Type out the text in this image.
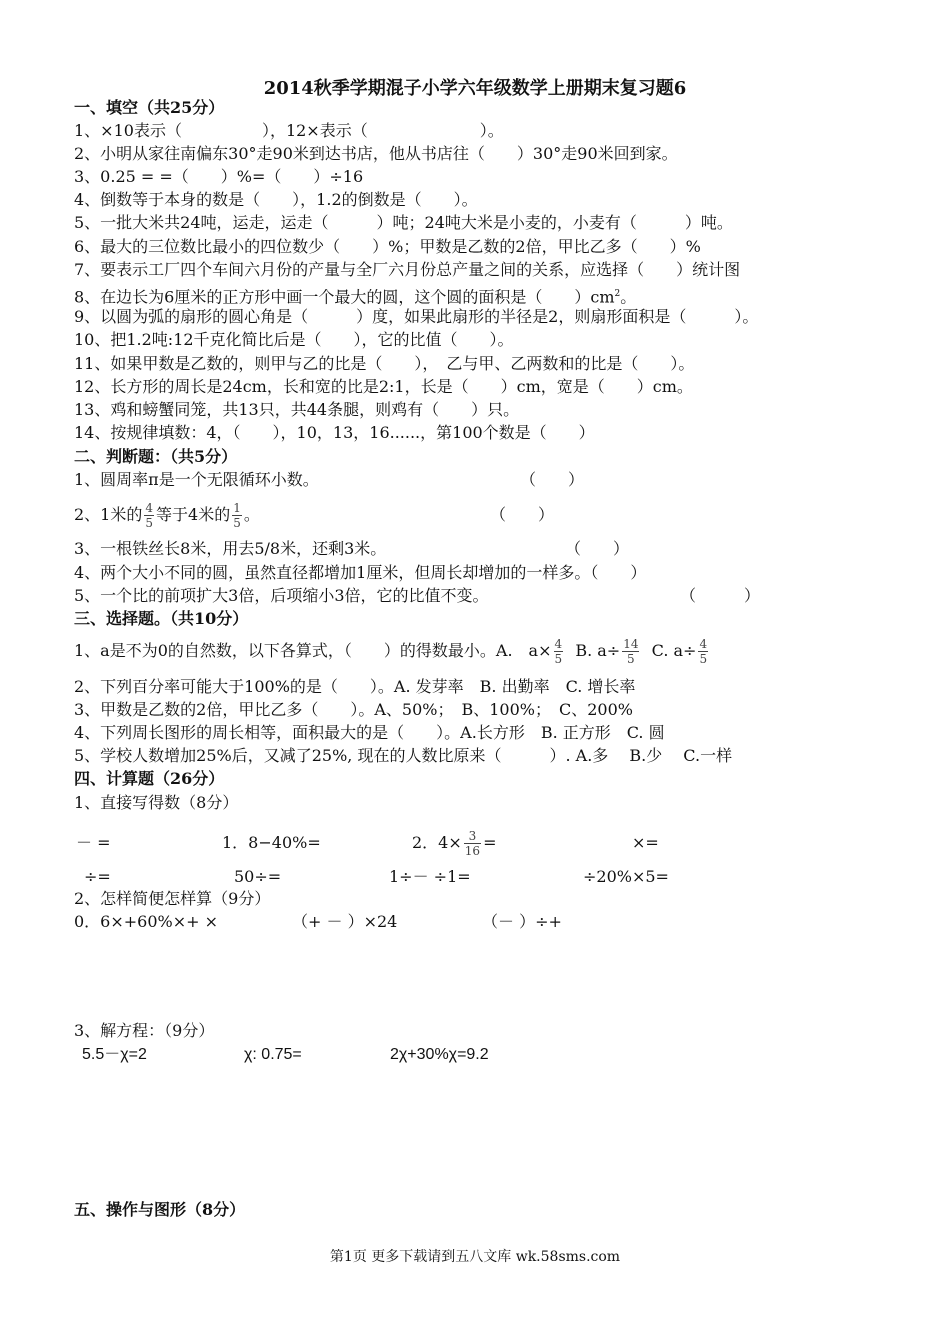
2014秋季学期混子小学六年级数学上册期末复习题6
一、填空（共25分）
1、×10表示（　　　　　），12×表示（　　　　　　　）。
2、小明从家往南偏东30°走90米到达书店，他从书店往（　　）30°走90米回到家。
3、0.25 = =（　　）%=（　　）÷16
4、倒数等于本身的数是（　　），1.2的倒数是（　　）。
5、一批大米共24吨，运走，运走（　　　）吨；24吨大米是小麦的，小麦有（　　　）吨。
6、最大的三位数比最小的四位数少（　　）%；甲数是乙数的2倍，甲比乙多（　　）%
7、要表示工厂四个车间六月份的产量与全厂六月份总产量之间的关系，应选择（　　）统计图
8、在边长为6厘米的正方形中画一个最大的圆，这个圆的面积是（　　）$cm^2$。
9、以圆为弧的扇形的圆心角是（　　　）度，如果此扇形的半径是2，则扇形面积是（　　　）。
10、把1.2吨:12千克化简比后是（　　），它的比值（　　）。
11、如果甲数是乙数的，则甲与乙的比是（　　），　乙与甲、乙两数和的比是（　　）。
12、长方形的周长是24cm，长和宽的比是2:1，长是（　　）cm，宽是（　　）cm。
13、鸡和螃蟹同笼，共13只，共44条腿，则鸡有（　　）只。
14、按规律填数：4，（　　），10，13，16......，第100个数是（　　）
二、判断题：（共5分）
1、圆周率π是一个无限循环小数。	（　　）
2、1米的 $\frac{4}{5}$ 等于4米的 $\frac{1}{5}$ 。	（　　）
3、一根铁丝长8米，用去5/8米，还剩3米。	（　　）
4、两个大小不同的圆，虽然直径都增加1厘米，但周长却增加的一样多。（　　）
5、一个比的前项扩大3倍，后项缩小3倍，它的比值不变。	（　　　）
三、选择题。（共10分）
1、a是不为0的自然数，以下各算式，（　　）的得数最小。A.　$a\times \frac{4}{5} B$. $a\div \frac{14}{5} C$. $a\div \frac{4}{5}$
2、下列百分率可能大于100%的是（　　）。A. 发芽率　B. 出勤率　C. 增长率
3、甲数是乙数的2倍，甲比乙多（　　）。A、50%；　B、100%；　C、200%
4、下列周长图形的周长相等，面积最大的是（　　）。A.长方形　B. 正方形　C. 圆
5、学校人数增加25%后，又减了25%, 现在的人数比原来（　　　）. A.多　 B.少　 C.一样
四、计算题（26分）
1、直接写得数（8分）
－ =	1．8−40%=	2．$4\times \frac{3}{16}$ =	×=
÷=	50÷=	1÷－ ÷1=	÷20%×5=
2、怎样简便怎样算（9分）
0．6×+60%×+ ×	（+ － ）×24	（－ ）÷+
3、解方程：（9分）
5.5－χ=2	χ: 0.75=	2χ+30%χ=9.2
五、操作与图形（8分）
第1页 更多下载请到五八文库 wk.58sms.com
